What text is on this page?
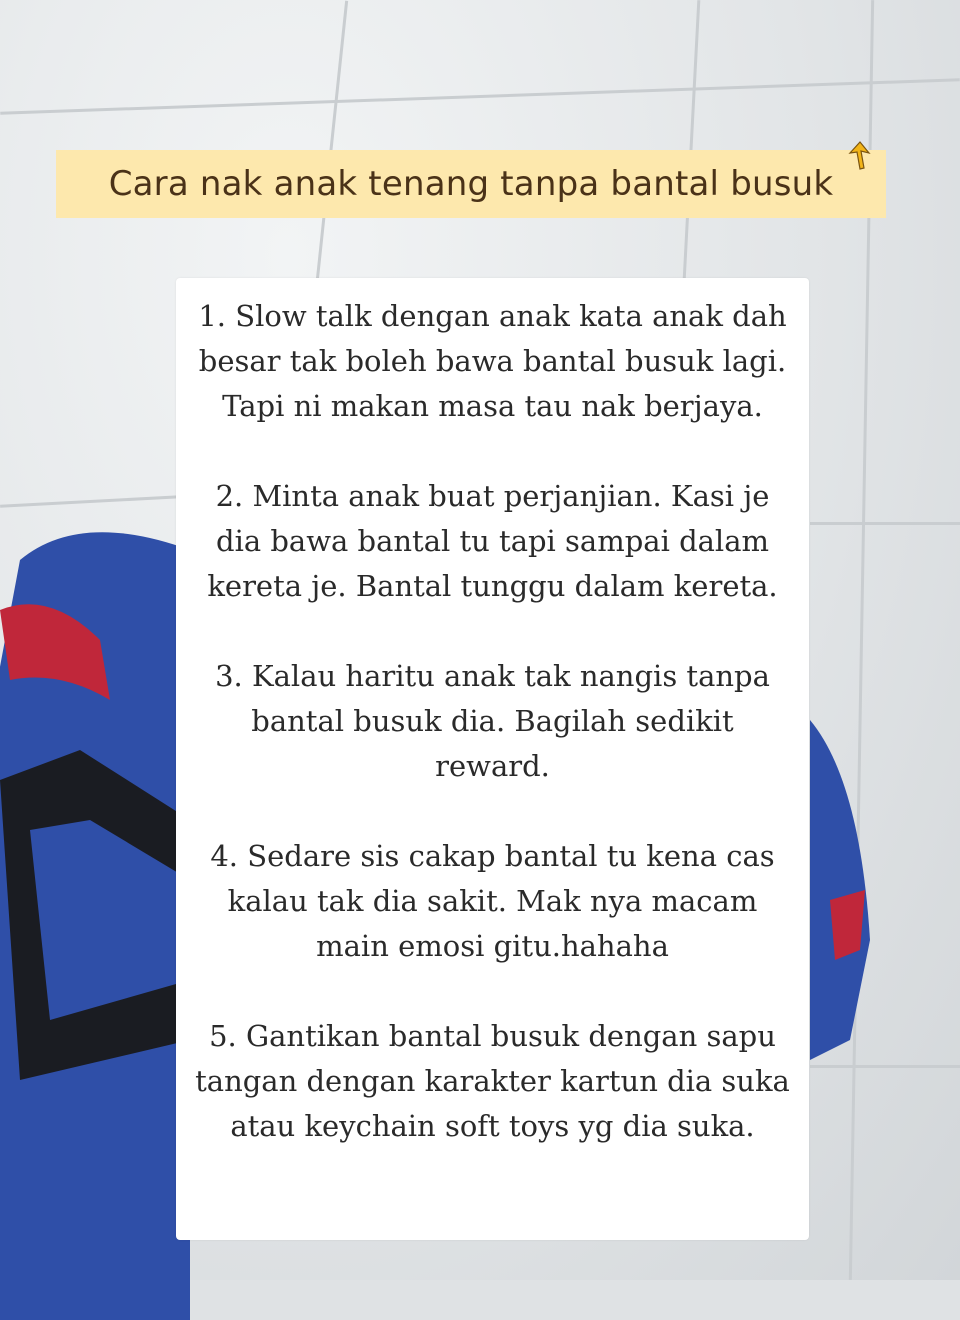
Cara nak anak tenang tanpa bantal busuk

1. Slow talk dengan anak kata anak dah besar tak boleh bawa bantal busuk lagi. Tapi ni makan masa tau nak berjaya.

2. Minta anak buat perjanjian. Kasi je dia bawa bantal tu tapi sampai dalam kereta je. Bantal tunggu dalam kereta.

3. Kalau haritu anak tak nangis tanpa bantal busuk dia. Bagilah sedikit reward.

4. Sedare sis cakap bantal tu kena cas kalau tak dia sakit. Mak nya macam main emosi gitu.hahaha

5. Gantikan bantal busuk dengan sapu tangan dengan karakter kartun dia suka atau keychain soft toys yg dia suka.
